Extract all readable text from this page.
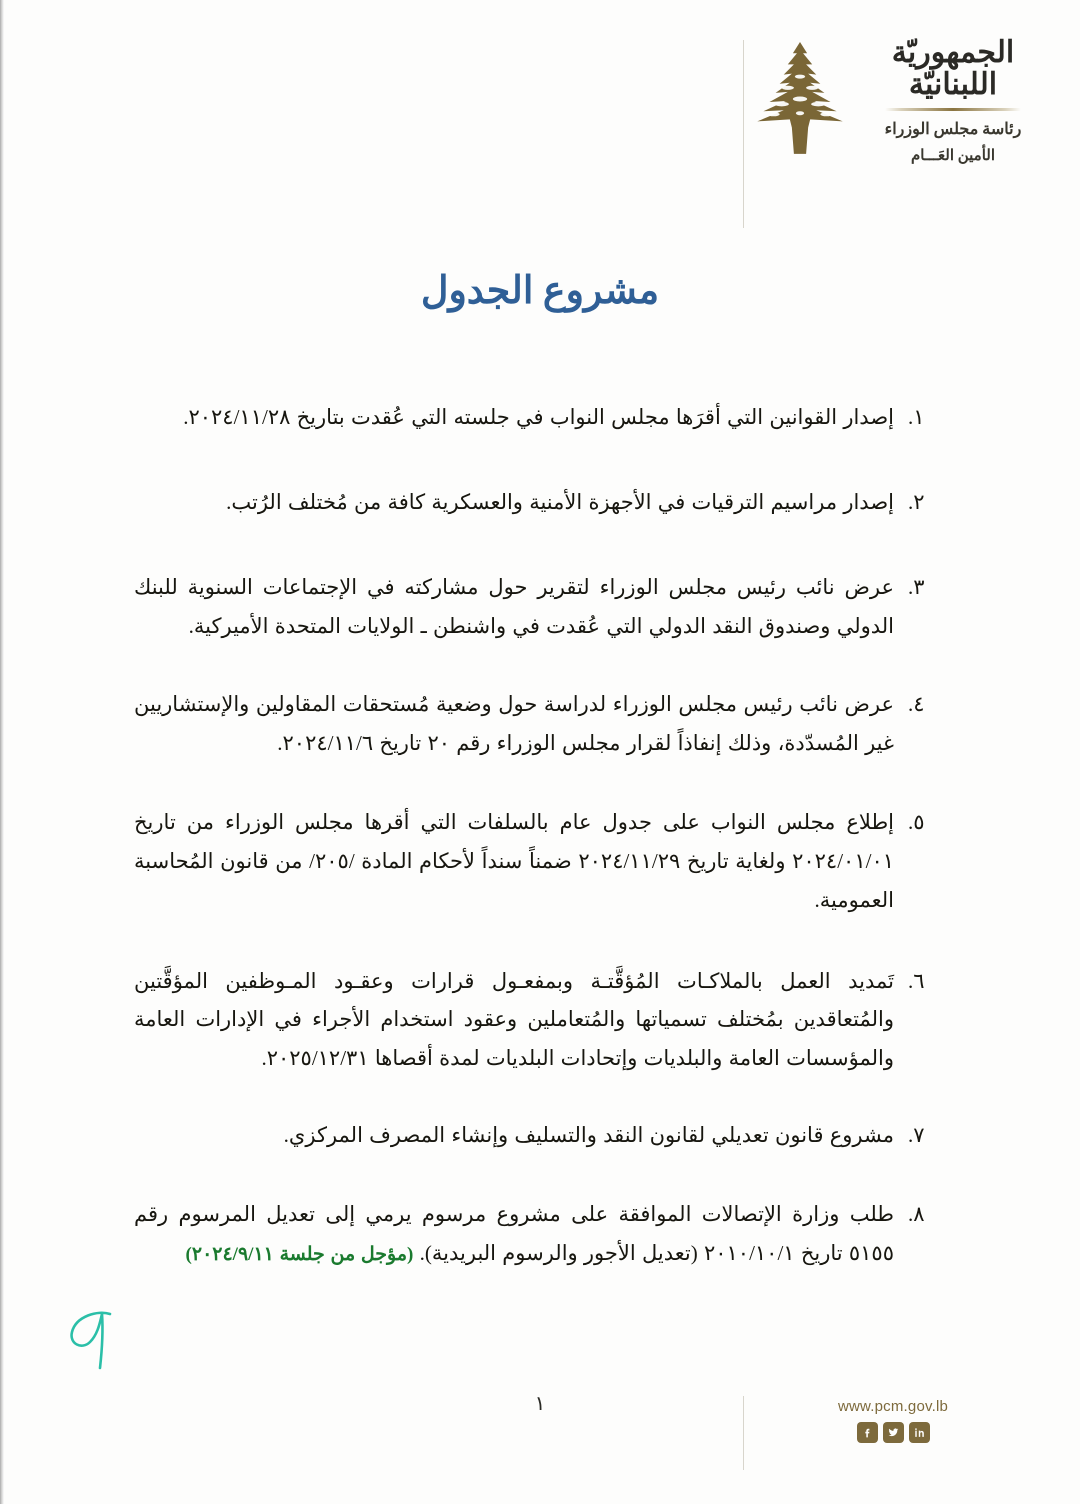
الجمهوريّة
اللبنانيّة
رئاسة مجلس الوزراء
الأمين العَـــام
مشروع الجدول
١.
إصدار القوانين التي أقرَها مجلس النواب في جلسته التي عُقدت بتاريخ ٢٠٢٤/١١/٢٨.
٢.
إصدار مراسيم الترقيات في الأجهزة الأمنية والعسكرية كافة من مُختلف الرُتب.
٣.
عرض نائب رئيس مجلس الوزراء لتقرير حول مشاركته في الإجتماعات السنوية للبنك الدولي وصندوق النقد الدولي التي عُقدت في واشنطن ـ الولايات المتحدة الأميركية.
٤.
عرض نائب رئيس مجلس الوزراء لدراسة حول وضعية مُستحقات المقاولين والإستشاريين غير المُسدّدة، وذلك إنفاذاً لقرار مجلس الوزراء رقم ٢٠ تاريخ ٢٠٢٤/١١/٦.
٥.
إطلاع مجلس النواب على جدول عام بالسلفات التي أقرها مجلس الوزراء من تاريخ ٢٠٢٤/٠١/٠١ ولغاية تاريخ ٢٠٢٤/١١/٢٩ ضمناً سنداً لأحكام المادة /٢٠٥/ من قانون المُحاسبة العمومية.
٦.
تَمديد العمل بالملاكـات المُؤقَّتـة وبمفعـول قرارات وعقـود المـوظفين المؤقَّتين والمُتعاقدين بمُختلف تسمياتها والمُتعاملين وعقود استخدام الأجراء في الإدارات العامة والمؤسسات العامة والبلديات وإتحادات البلديات لمدة أقصاها ٢٠٢٥/١٢/٣١.
٧.
مشروع قانون تعديلي لقانون النقد والتسليف وإنشاء المصرف المركزي.
٨.
طلب وزارة الإتصالات الموافقة على مشروع مرسوم يرمي إلى تعديل المرسوم رقم ٥١٥٥ تاريخ ٢٠١٠/١٠/١ (تعديل الأجور والرسوم البريدية). (مؤجل من جلسة ٢٠٢٤/٩/١١)
١	www.pcm.gov.lb
